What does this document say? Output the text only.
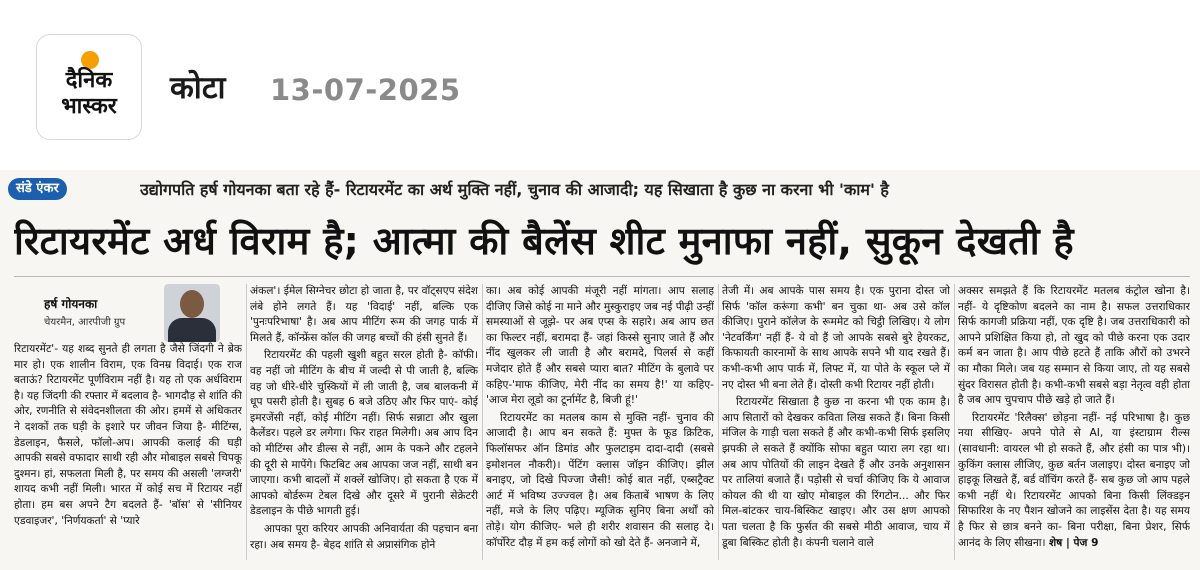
दैनिक
भास्कर
कोटा 13-07-2025
संडे एंकर	उद्योगपति हर्ष गोयनका बता रहे हैं- रिटायरमेंट का अर्थ मुक्ति नहीं, चुनाव की आजादी; यह सिखाता है कुछ ना करना भी 'काम' है
रिटायरमेंट अर्ध विराम है; आत्मा की बैलेंस शीट मुनाफा नहीं, सुकून देखती है
हर्ष गोयनका
चेयरमैन, आरपीजी ग्रुप

रिटायरमेंट'- यह शब्द सुनते ही लगता है जैसे जिंदगी ने ब्रेक मार हो। एक शालीन विराम, एक विनम्र विदाई। एक राज बताऊं? रिटायरमेंट पूर्णविराम नहीं है। यह तो एक अर्धविराम है। यह जिंदगी की रफ्तार में बदलाव है- भागदौड़ से शांति की ओर, रणनीति से संवेदनशीलता की ओर। हममें से अधिकतर ने दशकों तक घड़ी के इशारे पर जीवन जिया है- मीटिंग्स, डेडलाइन, फैसले, फॉलो-अप। आपकी कलाई की घड़ी आपकी सबसे वफादार साथी रही और मोबाइल सबसे चिपकू दुश्मन। हां, सफलता मिली है, पर समय की असली 'लग्जरी' शायद कभी नहीं मिली। भारत में कोई सच में रिटायर नहीं होता। हम बस अपने टैग बदलते हैं- 'बॉस' से 'सीनियर एडवाइजर', 'निर्णयकर्ता' से 'प्यारे

अंकल'। ईमेल सिग्नेचर छोटा हो जाता है, पर वॉट्सएप संदेश लंबे होने लगते हैं। यह 'विदाई' नहीं, बल्कि एक 'पुनःपरिभाषा' है। अब आप मीटिंग रूम की जगह पार्क में मिलते हैं, कॉन्फ्रेंस कॉल की जगह बच्चों की हंसी सुनते हैं।

रिटायरमेंट की पहली खुशी बहुत सरल होती है- कॉफी। वह नहीं जो मीटिंग के बीच में जल्दी से पी जाती है, बल्कि वह जो धीरे-धीरे चुस्कियों में ली जाती है, जब बालकनी में धूप पसरी होती है। सुबह 6 बजे उठिए और फिर पाएं- कोई इमरजेंसी नहीं, कोई मीटिंग नहीं। सिर्फ सन्नाटा और खुला कैलेंडर। पहले डर लगेगा। फिर राहत मिलेगी। अब आप दिन को मीटिंग्स और डील्स से नहीं, आम के पकने और टहलने की दूरी से मापेंगे। फिटबिट अब आपका जज नहीं, साथी बन जाएगा। कभी बादलों में शक्लें खोजिए। हो सकता है एक में आपको बोर्डरूम टेबल दिखे और दूसरे में पुरानी सेक्रेटरी डेडलाइन के पीछे भागती हुई।

आपका पूरा करियर आपकी अनिवार्यता की पहचान बना रहा। अब समय है- बेहद शांति से अप्रासंगिक होने

का। अब कोई आपकी मंजूरी नहीं मांगता। आप सलाह दीजिए जिसे कोई ना माने और मुस्कुराइए जब नई पीढ़ी उन्हीं समस्याओं से जूझे- पर अब एप्स के सहारे। अब आप छत का फिल्टर नहीं, बरामदा हैं- जहां किस्से सुनाए जाते हैं और नींद खुलकर ली जाती है और बरामदे, पिलर्स से कहीं मजेदार होते हैं और सबसे प्यारा बात? मीटिंग के बुलावे पर कहिए-'माफ कीजिए, मेरी नींद का समय है!' या कहिए- 'आज मेरा लूडो का टूर्नामेंट है, बिजी हूं!'

रिटायरमेंट का मतलब काम से मुक्ति नहीं- चुनाव की आजादी है। आप बन सकते हैं: मुफ्त के फूड क्रिटिक, फिलॉसफर ऑन डिमांड और फुलटाइम दादा-दादी (सबसे इमोशनल नौकरी)। पेंटिंग क्लास जॉइन कीजिए। झील बनाइए, जो दिखे पिज्जा जैसी! कोई बात नहीं, एब्सट्रैक्ट आर्ट में भविष्य उज्ज्वल है। अब किताबें भाषण के लिए नहीं, मजे के लिए पढ़िए। म्यूजिक सुनिए बिना अर्थों को तोड़े। योग कीजिए- भले ही शरीर शवासन की सलाह दे। कॉर्पोरेट दौड़ में हम कई लोगों को खो देते हैं- अनजाने में,

तेजी में। अब आपके पास समय है। एक पुराना दोस्त जो सिर्फ 'कॉल करूंगा कभी' बन चुका था- अब उसे कॉल कीजिए। पुराने कॉलेज के रूममेट को चिट्ठी लिखिए। ये लोग 'नेटवर्किंग' नहीं हैं- ये वो हैं जो आपके सबसे बुरे हेयरकट, किफायती कारनामों के साथ आपके सपने भी याद रखते हैं। कभी-कभी आप पार्क में, लिफ्ट में, या पोते के स्कूल प्ले में नए दोस्त भी बना लेते हैं। दोस्ती कभी रिटायर नहीं होती।

रिटायरमेंट सिखाता है कुछ ना करना भी एक काम है। आप सितारों को देखकर कविता लिख सकते हैं। बिना किसी मंजिल के गाड़ी चला सकते हैं और कभी-कभी सिर्फ इसलिए झपकी ले सकते हैं क्योंकि सोफा बहुत प्यारा लग रहा था। अब आप पोतियों की लाइन देखते हैं और उनके अनुशासन पर तालियां बजाते हैं। पड़ोसी से चर्चा कीजिए कि ये आवाज कोयल की थी या खोए मोबाइल की रिंगटोन... और फिर मिल-बांटकर चाय-बिस्किट खाइए। और उस क्षण आपको पता चलता है कि फुर्सत की सबसे मीठी आवाज, चाय में डूबा बिस्किट होती है। कंपनी चलाने वाले

अक्सर समझते हैं कि रिटायरमेंट मतलब कंट्रोल खोना है। नहीं- ये दृष्टिकोण बदलने का नाम है। सफल उत्तराधिकार सिर्फ कागजी प्रक्रिया नहीं, एक दृष्टि है। जब उत्तराधिकारी को आपने प्रशिक्षित किया हो, तो खुद को पीछे करना एक उदार कर्म बन जाता है। आप पीछे हटते हैं ताकि औरों को उभरने का मौका मिले। जब यह सम्मान से किया जाए, तो यह सबसे सुंदर विरासत होती है। कभी-कभी सबसे बड़ा नेतृत्व वही होता है जब आप चुपचाप पीछे खड़े हो जाते हैं।

रिटायरमेंट 'रिलैक्स' छोड़ना नहीं- नई परिभाषा है। कुछ नया सीखिए- अपने पोते से AI, या इंस्टाग्राम रील्स (सावधानी: वायरल भी हो सकते हैं, और हंसी का पात्र भी)। कुकिंग क्लास लीजिए, कुछ बर्तन जलाइए। दोस्त बनाइए जो हाइकू लिखते हैं, बर्ड वॉचिंग करते हैं- सब कुछ जो आप पहले कभी नहीं थे। रिटायरमेंट आपको बिना किसी लिंक्डइन सिफारिश के नए पैशन खोजने का लाइसेंस देता है। यह समय है फिर से छात्र बनने का- बिना परीक्षा, बिना प्रेशर, सिर्फ आनंद के लिए सीखना। शेष | पेज 9
